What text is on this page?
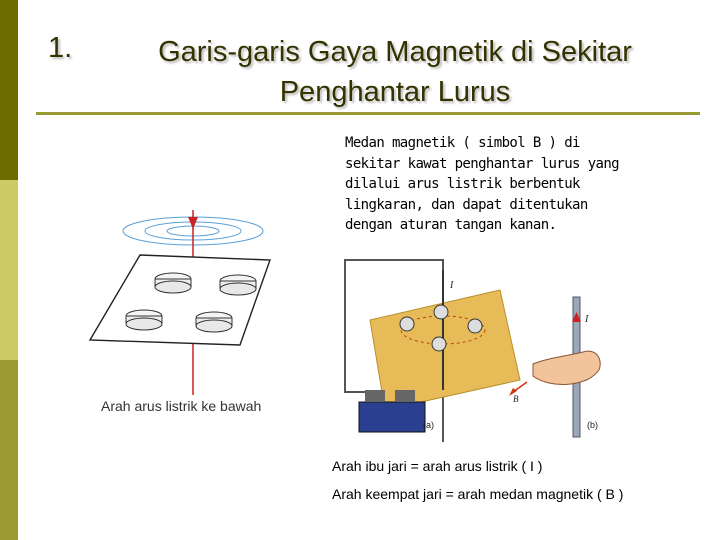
1.	Garis-garis Gaya Magnetik di Sekitar
Penghantar Lurus
Medan magnetik ( simbol B ) di
sekitar kawat penghantar lurus yang
dilalui arus listrik berbentuk
lingkaran, dan dapat ditentukan
dengan aturan tangan kanan.
Arah arus listrik ke bawah
I
(a)
I
B
(b)
Arah ibu jari = arah arus listrik ( I )
Arah keempat jari = arah medan magnetik ( B )
